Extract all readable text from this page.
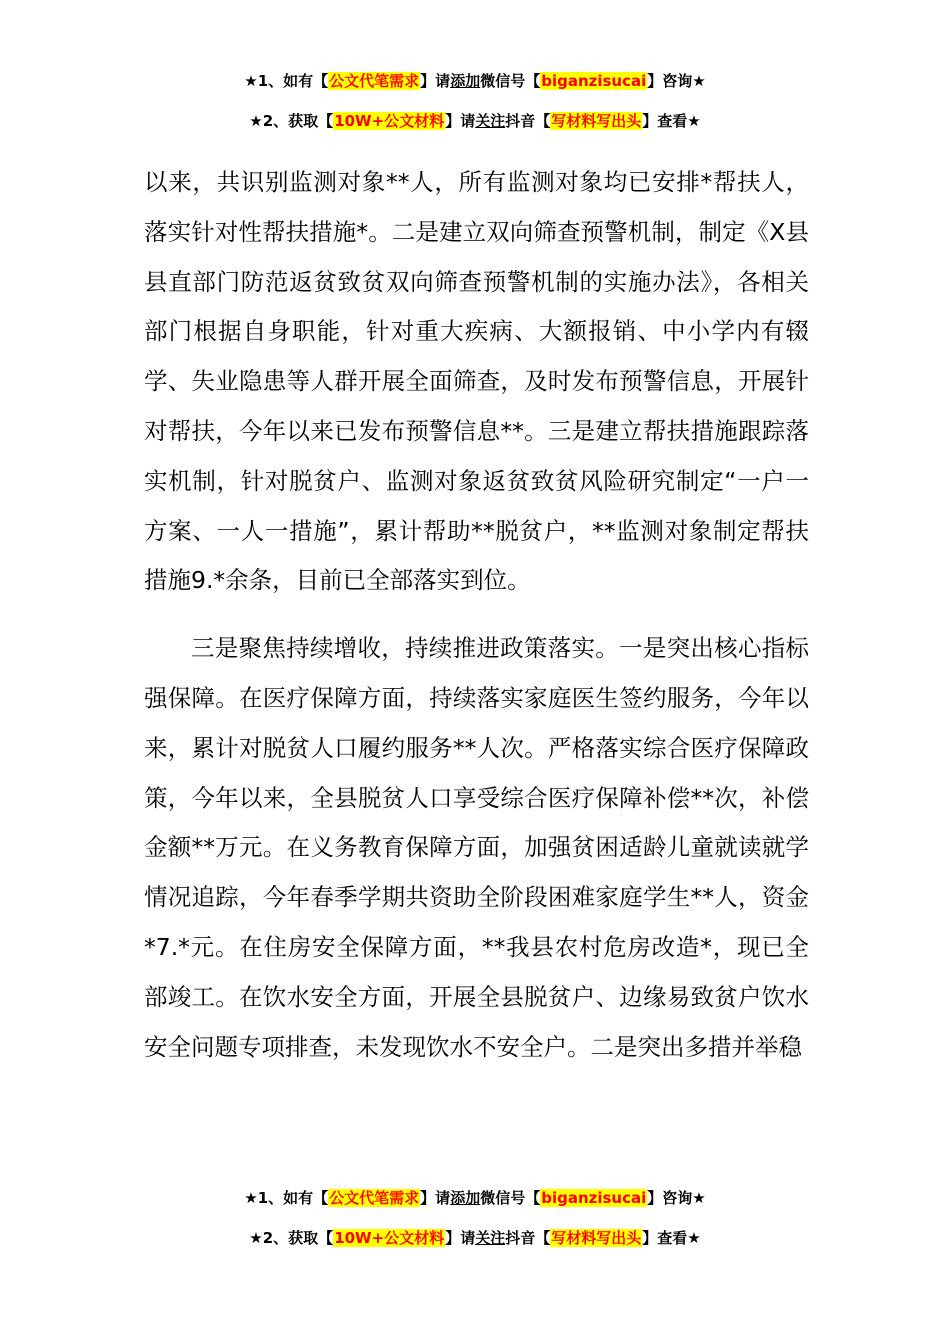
★1、如有【公文代笔需求】请添加微信号【biganzisucai】咨询★
★2、获取【10W+公文材料】请关注抖音【写材料写出头】查看★

以来，共识别监测对象**人，所有监测对象均已安排*帮扶人，落实针对性帮扶措施*。二是建立双向筛查预警机制，制定《X县县直部门防范返贫致贫双向筛查预警机制的实施办法》，各相关部门根据自身职能，针对重大疾病、大额报销、中小学内有辍学、失业隐患等人群开展全面筛查，及时发布预警信息，开展针对帮扶，今年以来已发布预警信息**。三是建立帮扶措施跟踪落实机制，针对脱贫户、监测对象返贫致贫风险研究制定“一户一方案、一人一措施”，累计帮助**脱贫户，**监测对象制定帮扶措施9.*余条，目前已全部落实到位。

三是聚焦持续增收，持续推进政策落实。一是突出核心指标强保障。在医疗保障方面，持续落实家庭医生签约服务，今年以来，累计对脱贫人口履约服务**人次。严格落实综合医疗保障政策，今年以来，全县脱贫人口享受综合医疗保障补偿**次，补偿金额**万元。在义务教育保障方面，加强贫困适龄儿童就读就学情况追踪，今年春季学期共资助全阶段困难家庭学生**人，资金*7.*元。在住房安全保障方面，**我县农村危房改造*，现已全部竣工。在饮水安全方面，开展全县脱贫户、边缘易致贫户饮水安全问题专项排查，未发现饮水不安全户。二是突出多措并举稳

★1、如有【公文代笔需求】请添加微信号【biganzisucai】咨询★
★2、获取【10W+公文材料】请关注抖音【写材料写出头】查看★
